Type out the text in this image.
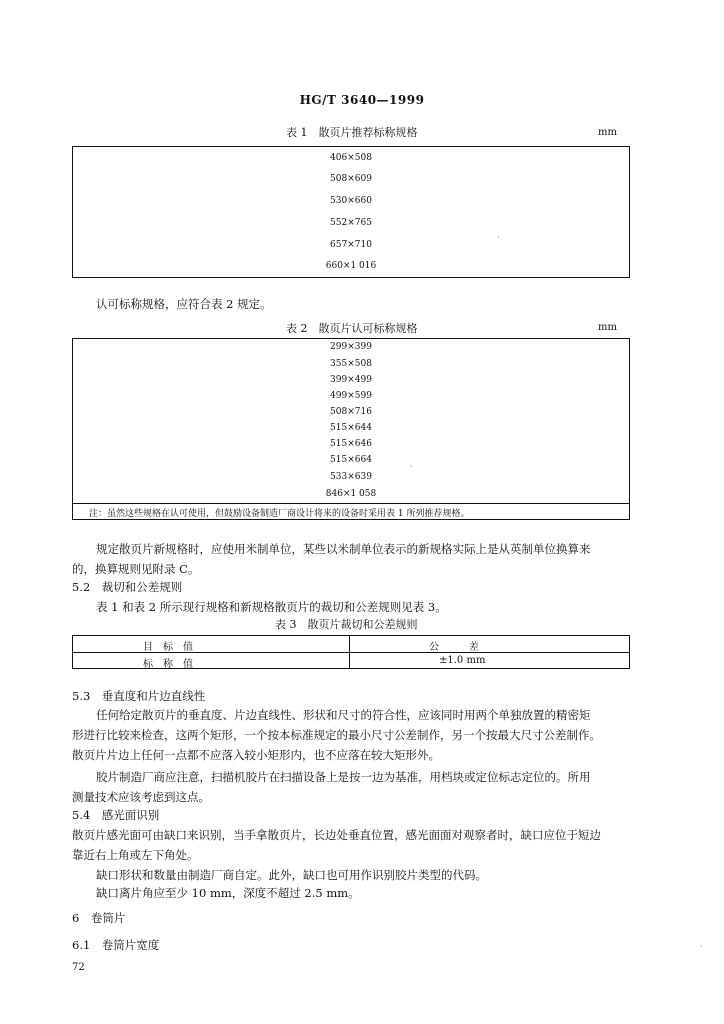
HG/T 3640—1999
表 1　散页片推荐标称规格	mm
406×508
508×609
530×660
552×765
657×710
660×1 016
认可标称规格，应符合表 2 规定。
表 2　散页片认可标称规格	mm
299×399
355×508
399×499
499×599
508×716
515×644
515×646
515×664
533×639
846×1 058
注：虽然这些规格在认可使用，但鼓励设备制造厂商设计将来的设备时采用表 1 所列推荐规格。
规定散页片新规格时，应使用米制单位，某些以米制单位表示的新规格实际上是从英制单位换算来
的，换算规则见附录 C。
5.2　裁切和公差规则
表 1 和表 2 所示现行规格和新规格散页片的裁切和公差规则见表 3。
表 3　散页片裁切和公差规则
目　标　值	公　　　差
标　称　值	±1.0 mm
5.3　垂直度和片边直线性
任何给定散页片的垂直度、片边直线性、形状和尺寸的符合性，应该同时用两个单独放置的精密矩
形进行比较来检查，这两个矩形，一个按本标准规定的最小尺寸公差制作，另一个按最大尺寸公差制作。
散页片片边上任何一点都不应落入较小矩形内，也不应落在较大矩形外。
胶片制造厂商应注意，扫描机胶片在扫描设备上是按一边为基准，用档块或定位标志定位的。所用
测量技术应该考虑到这点。
5.4　感光面识别
散页片感光面可由缺口来识别，当手拿散页片，长边处垂直位置，感光面面对观察者时，缺口应位于短边
靠近右上角或左下角处。
缺口形状和数量由制造厂商自定。此外，缺口也可用作识别胶片类型的代码。
缺口离片角应至少 10 mm，深度不超过 2.5 mm。
6　卷筒片
6.1　卷筒片宽度
72
·
·
·
